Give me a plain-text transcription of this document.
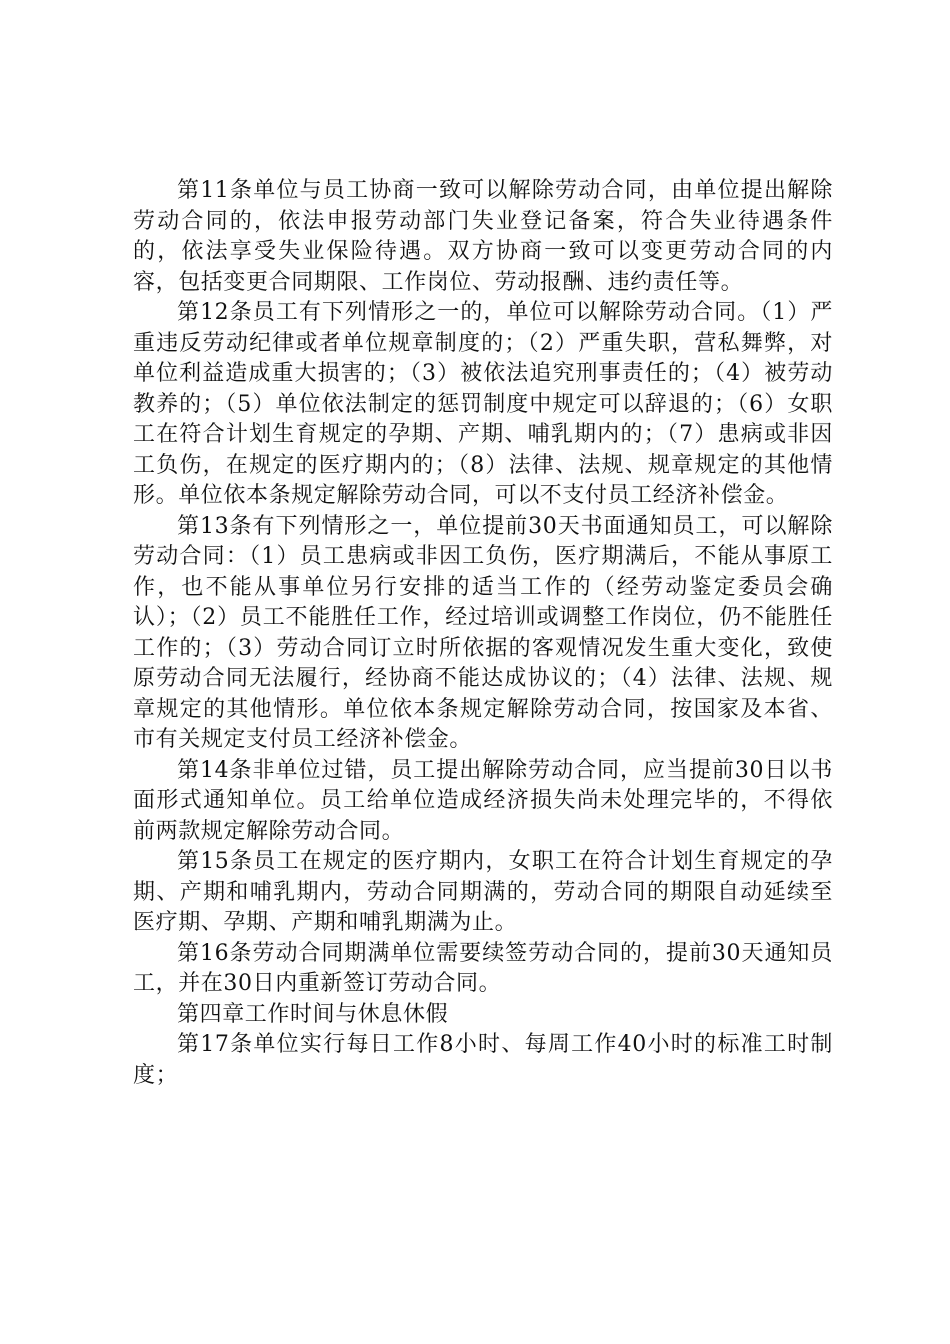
第11条单位与员工协商一致可以解除劳动合同，由单位提出解除劳动合同的，依法申报劳动部门失业登记备案，符合失业待遇条件的，依法享受失业保险待遇。双方协商一致可以变更劳动合同的内容，包括变更合同期限、工作岗位、劳动报酬、违约责任等。

第12条员工有下列情形之一的，单位可以解除劳动合同。（1）严重违反劳动纪律或者单位规章制度的；（2）严重失职，营私舞弊，对单位利益造成重大损害的；（3）被依法追究刑事责任的；（4）被劳动教养的；（5）单位依法制定的惩罚制度中规定可以辞退的；（6）女职工在符合计划生育规定的孕期、产期、哺乳期内的；（7）患病或非因工负伤，在规定的医疗期内的；（8）法律、法规、规章规定的其他情形。单位依本条规定解除劳动合同，可以不支付员工经济补偿金。

第13条有下列情形之一，单位提前30天书面通知员工，可以解除劳动合同：（1）员工患病或非因工负伤，医疗期满后，不能从事原工作，也不能从事单位另行安排的适当工作的（经劳动鉴定委员会确认）；（2）员工不能胜任工作，经过培训或调整工作岗位，仍不能胜任工作的；（3）劳动合同订立时所依据的客观情况发生重大变化，致使原劳动合同无法履行，经协商不能达成协议的；（4）法律、法规、规章规定的其他情形。单位依本条规定解除劳动合同，按国家及本省、市有关规定支付员工经济补偿金。

第14条非单位过错，员工提出解除劳动合同，应当提前30日以书面形式通知单位。员工给单位造成经济损失尚未处理完毕的，不得依前两款规定解除劳动合同。

第15条员工在规定的医疗期内，女职工在符合计划生育规定的孕期、产期和哺乳期内，劳动合同期满的，劳动合同的期限自动延续至医疗期、孕期、产期和哺乳期满为止。

第16条劳动合同期满单位需要续签劳动合同的，提前30天通知员工，并在30日内重新签订劳动合同。

第四章工作时间与休息休假

第17条单位实行每日工作8小时、每周工作40小时的标准工时制度；
